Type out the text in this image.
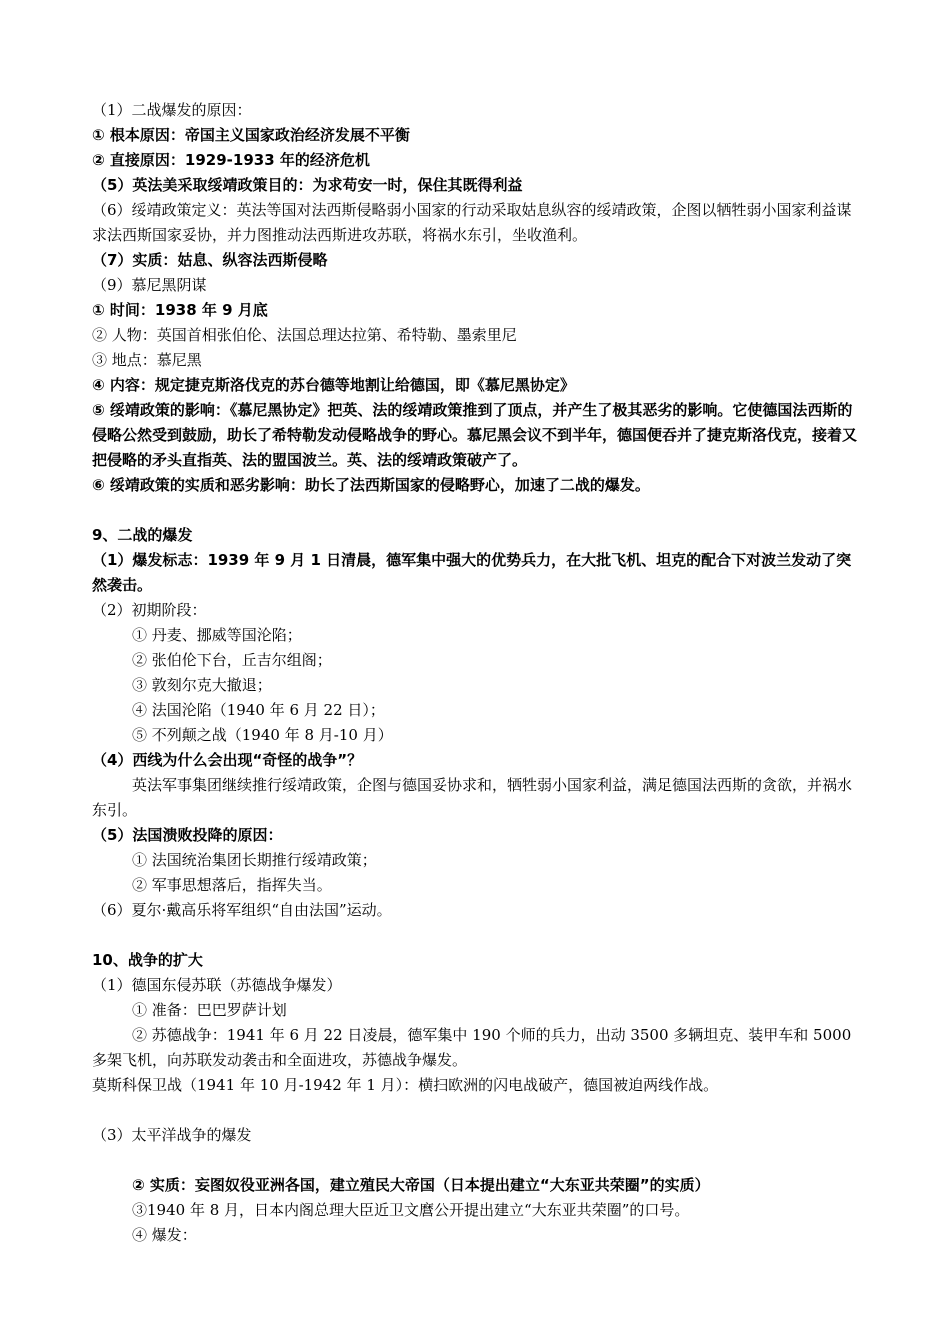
（1）二战爆发的原因：
① 根本原因：帝国主义国家政治经济发展不平衡
② 直接原因：1929-1933 年的经济危机
（5）英法美采取绥靖政策目的：为求苟安一时，保住其既得利益
（6）绥靖政策定义：英法等国对法西斯侵略弱小国家的行动采取姑息纵容的绥靖政策，企图以牺牲弱小国家利益谋求法西斯国家妥协，并力图推动法西斯进攻苏联，将祸水东引，坐收渔利。
（7）实质：姑息、纵容法西斯侵略
（9）慕尼黑阴谋
① 时间：1938 年 9 月底
② 人物：英国首相张伯伦、法国总理达拉第、希特勒、墨索里尼
③ 地点：慕尼黑
④ 内容：规定捷克斯洛伐克的苏台德等地割让给德国，即《慕尼黑协定》
⑤ 绥靖政策的影响：《慕尼黑协定》把英、法的绥靖政策推到了顶点，并产生了极其恶劣的影响。它使德国法西斯的侵略公然受到鼓励，助长了希特勒发动侵略战争的野心。慕尼黑会议不到半年，德国便吞并了捷克斯洛伐克，接着又把侵略的矛头直指英、法的盟国波兰。英、法的绥靖政策破产了。
⑥ 绥靖政策的实质和恶劣影响：助长了法西斯国家的侵略野心，加速了二战的爆发。
9、二战的爆发
（1）爆发标志：1939 年 9 月 1 日清晨，德军集中强大的优势兵力，在大批飞机、坦克的配合下对波兰发动了突然袭击。
（2）初期阶段：
① 丹麦、挪威等国沦陷；
② 张伯伦下台，丘吉尔组阁；
③ 敦刻尔克大撤退；
④ 法国沦陷（1940 年 6 月 22 日）；
⑤ 不列颠之战（1940 年 8 月-10 月）
（4）西线为什么会出现“奇怪的战争”？
英法军事集团继续推行绥靖政策，企图与德国妥协求和，牺牲弱小国家利益，满足德国法西斯的贪欲，并祸水东引。
（5）法国溃败投降的原因：
① 法国统治集团长期推行绥靖政策；
② 军事思想落后，指挥失当。
（6）夏尔·戴高乐将军组织“自由法国”运动。
10、战争的扩大
（1）德国东侵苏联（苏德战争爆发）
① 准备：巴巴罗萨计划
② 苏德战争：1941 年 6 月 22 日凌晨，德军集中 190 个师的兵力，出动 3500 多辆坦克、装甲车和 5000 多架飞机，向苏联发动袭击和全面进攻，苏德战争爆发。
莫斯科保卫战（1941 年 10 月-1942 年 1 月）：横扫欧洲的闪电战破产，德国被迫两线作战。
（3）太平洋战争的爆发
② 实质：妄图奴役亚洲各国，建立殖民大帝国（日本提出建立“大东亚共荣圈”的实质）
③1940 年 8 月，日本内阁总理大臣近卫文麿公开提出建立“大东亚共荣圈”的口号。
④ 爆发：
